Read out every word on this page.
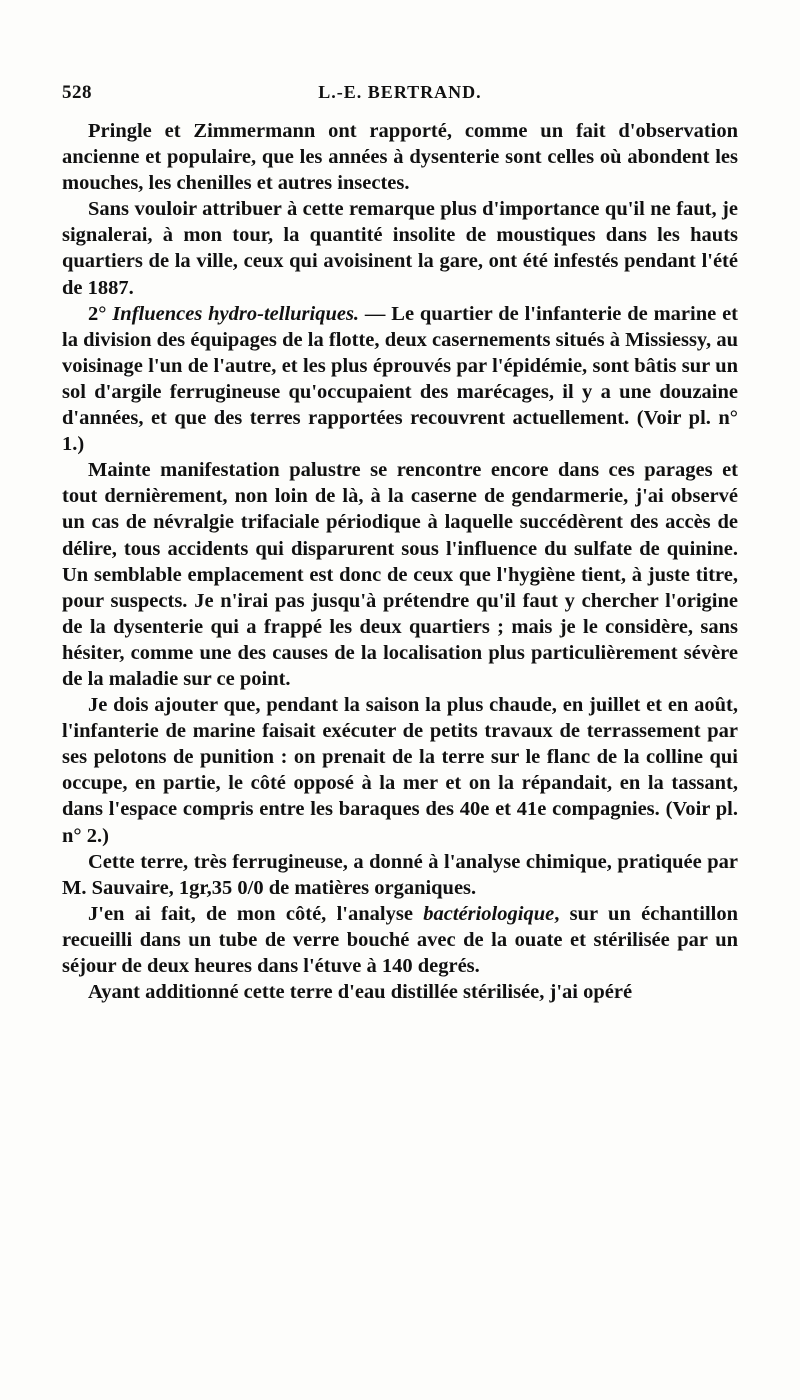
528	L.-E. BERTRAND.

Pringle et Zimmermann ont rapporté, comme un fait d'observation ancienne et populaire, que les années à dysenterie sont celles où abondent les mouches, les chenilles et autres insectes.

Sans vouloir attribuer à cette remarque plus d'importance qu'il ne faut, je signalerai, à mon tour, la quantité insolite de moustiques dans les hauts quartiers de la ville, ceux qui avoisinent la gare, ont été infestés pendant l'été de 1887.

2° Influences hydro-telluriques. — Le quartier de l'infanterie de marine et la division des équipages de la flotte, deux casernements situés à Missiessy, au voisinage l'un de l'autre, et les plus éprouvés par l'épidémie, sont bâtis sur un sol d'argile ferrugineuse qu'occupaient des marécages, il y a une douzaine d'années, et que des terres rapportées recouvrent actuellement. (Voir pl. n° 1.)

Mainte manifestation palustre se rencontre encore dans ces parages et tout dernièrement, non loin de là, à la caserne de gendarmerie, j'ai observé un cas de névralgie trifaciale périodique à laquelle succédèrent des accès de délire, tous accidents qui disparurent sous l'influence du sulfate de quinine. Un semblable emplacement est donc de ceux que l'hygiène tient, à juste titre, pour suspects. Je n'irai pas jusqu'à prétendre qu'il faut y chercher l'origine de la dysenterie qui a frappé les deux quartiers ; mais je le considère, sans hésiter, comme une des causes de la localisation plus particulièrement sévère de la maladie sur ce point.

Je dois ajouter que, pendant la saison la plus chaude, en juillet et en août, l'infanterie de marine faisait exécuter de petits travaux de terrassement par ses pelotons de punition : on prenait de la terre sur le flanc de la colline qui occupe, en partie, le côté opposé à la mer et on la répandait, en la tassant, dans l'espace compris entre les baraques des 40e et 41e compagnies. (Voir pl. n° 2.)

Cette terre, très ferrugineuse, a donné à l'analyse chimique, pratiquée par M. Sauvaire, 1gr,35 0/0 de matières organiques.

J'en ai fait, de mon côté, l'analyse bactériologique, sur un échantillon recueilli dans un tube de verre bouché avec de la ouate et stérilisée par un séjour de deux heures dans l'étuve à 140 degrés.

Ayant additionné cette terre d'eau distillée stérilisée, j'ai opéré
